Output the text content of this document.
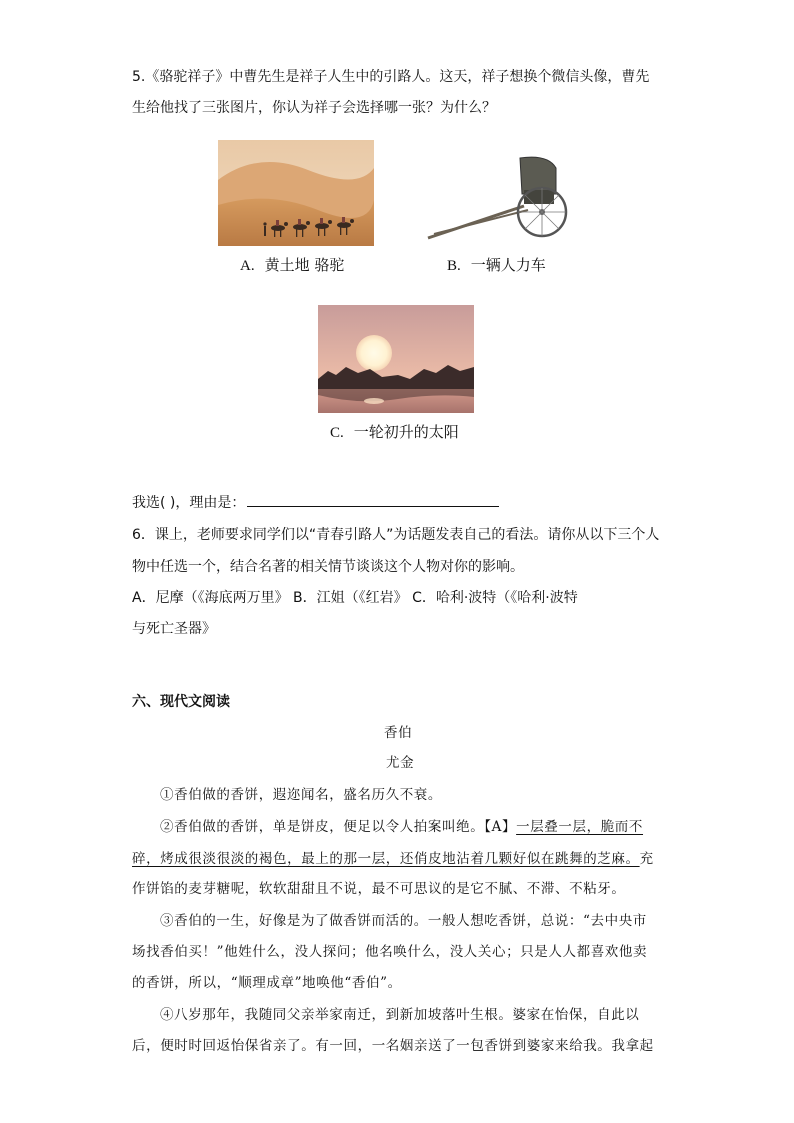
5.《骆驼祥子》中曹先生是祥子人生中的引路人。这天，祥子想换个微信头像，曹先
生给他找了三张图片，你认为祥子会选择哪一张？为什么？
A. 黄土地 骆驼	B. 一辆人力车
C. 一轮初升的太阳
我选( )，理由是：
6．课上，老师要求同学们以“青春引路人”为话题发表自己的看法。请你从以下三个人
物中任选一个，结合名著的相关情节谈谈这个人物对你的影响。
A．尼摩（《海底两万里》 B．江姐（《红岩》 C．哈利·波特（《哈利·波特
与死亡圣器》
六、现代文阅读
香伯
尤金
①香伯做的香饼，遐迩闻名，盛名历久不衰。
②香伯做的香饼，单是饼皮，便足以令人拍案叫绝。【A】一层叠一层，脆而不
碎，烤成很淡很淡的褐色，最上的那一层，还俏皮地沾着几颗好似在跳舞的芝麻。充
作饼馅的麦芽糖呢，软软甜甜且不说，最不可思议的是它不腻、不滞、不粘牙。
③香伯的一生，好像是为了做香饼而活的。一般人想吃香饼，总说：“去中央市
场找香伯买！”他姓什么，没人探问；他名唤什么，没人关心；只是人人都喜欢他卖
的香饼，所以，“顺理成章”地唤他“香伯”。
④八岁那年，我随同父亲举家南迁，到新加坡落叶生根。婆家在怡保，自此以
后，便时时回返怡保省亲了。有一回，一名姻亲送了一包香饼到婆家来给我。我拿起
